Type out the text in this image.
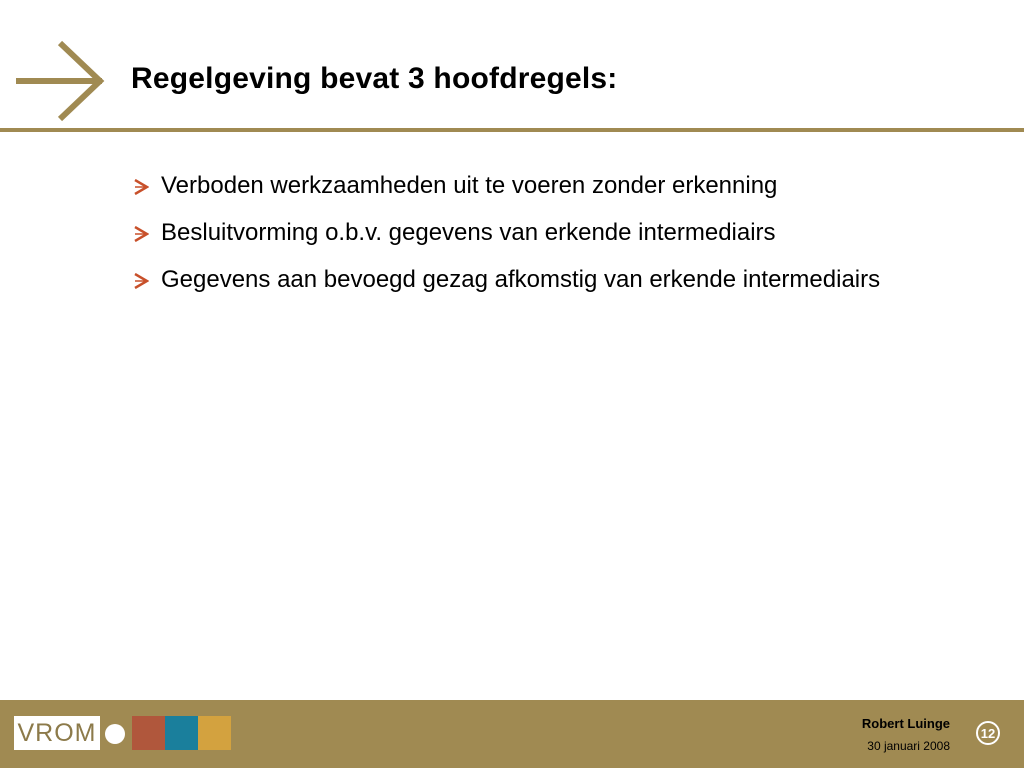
Regelgeving bevat 3 hoofdregels:
Verboden werkzaamheden uit te voeren zonder erkenning
Besluitvorming o.b.v. gegevens van erkende intermediairs
Gegevens aan bevoegd gezag afkomstig van erkende intermediairs
VROM	Robert Luinge
30 januari 2008
12
